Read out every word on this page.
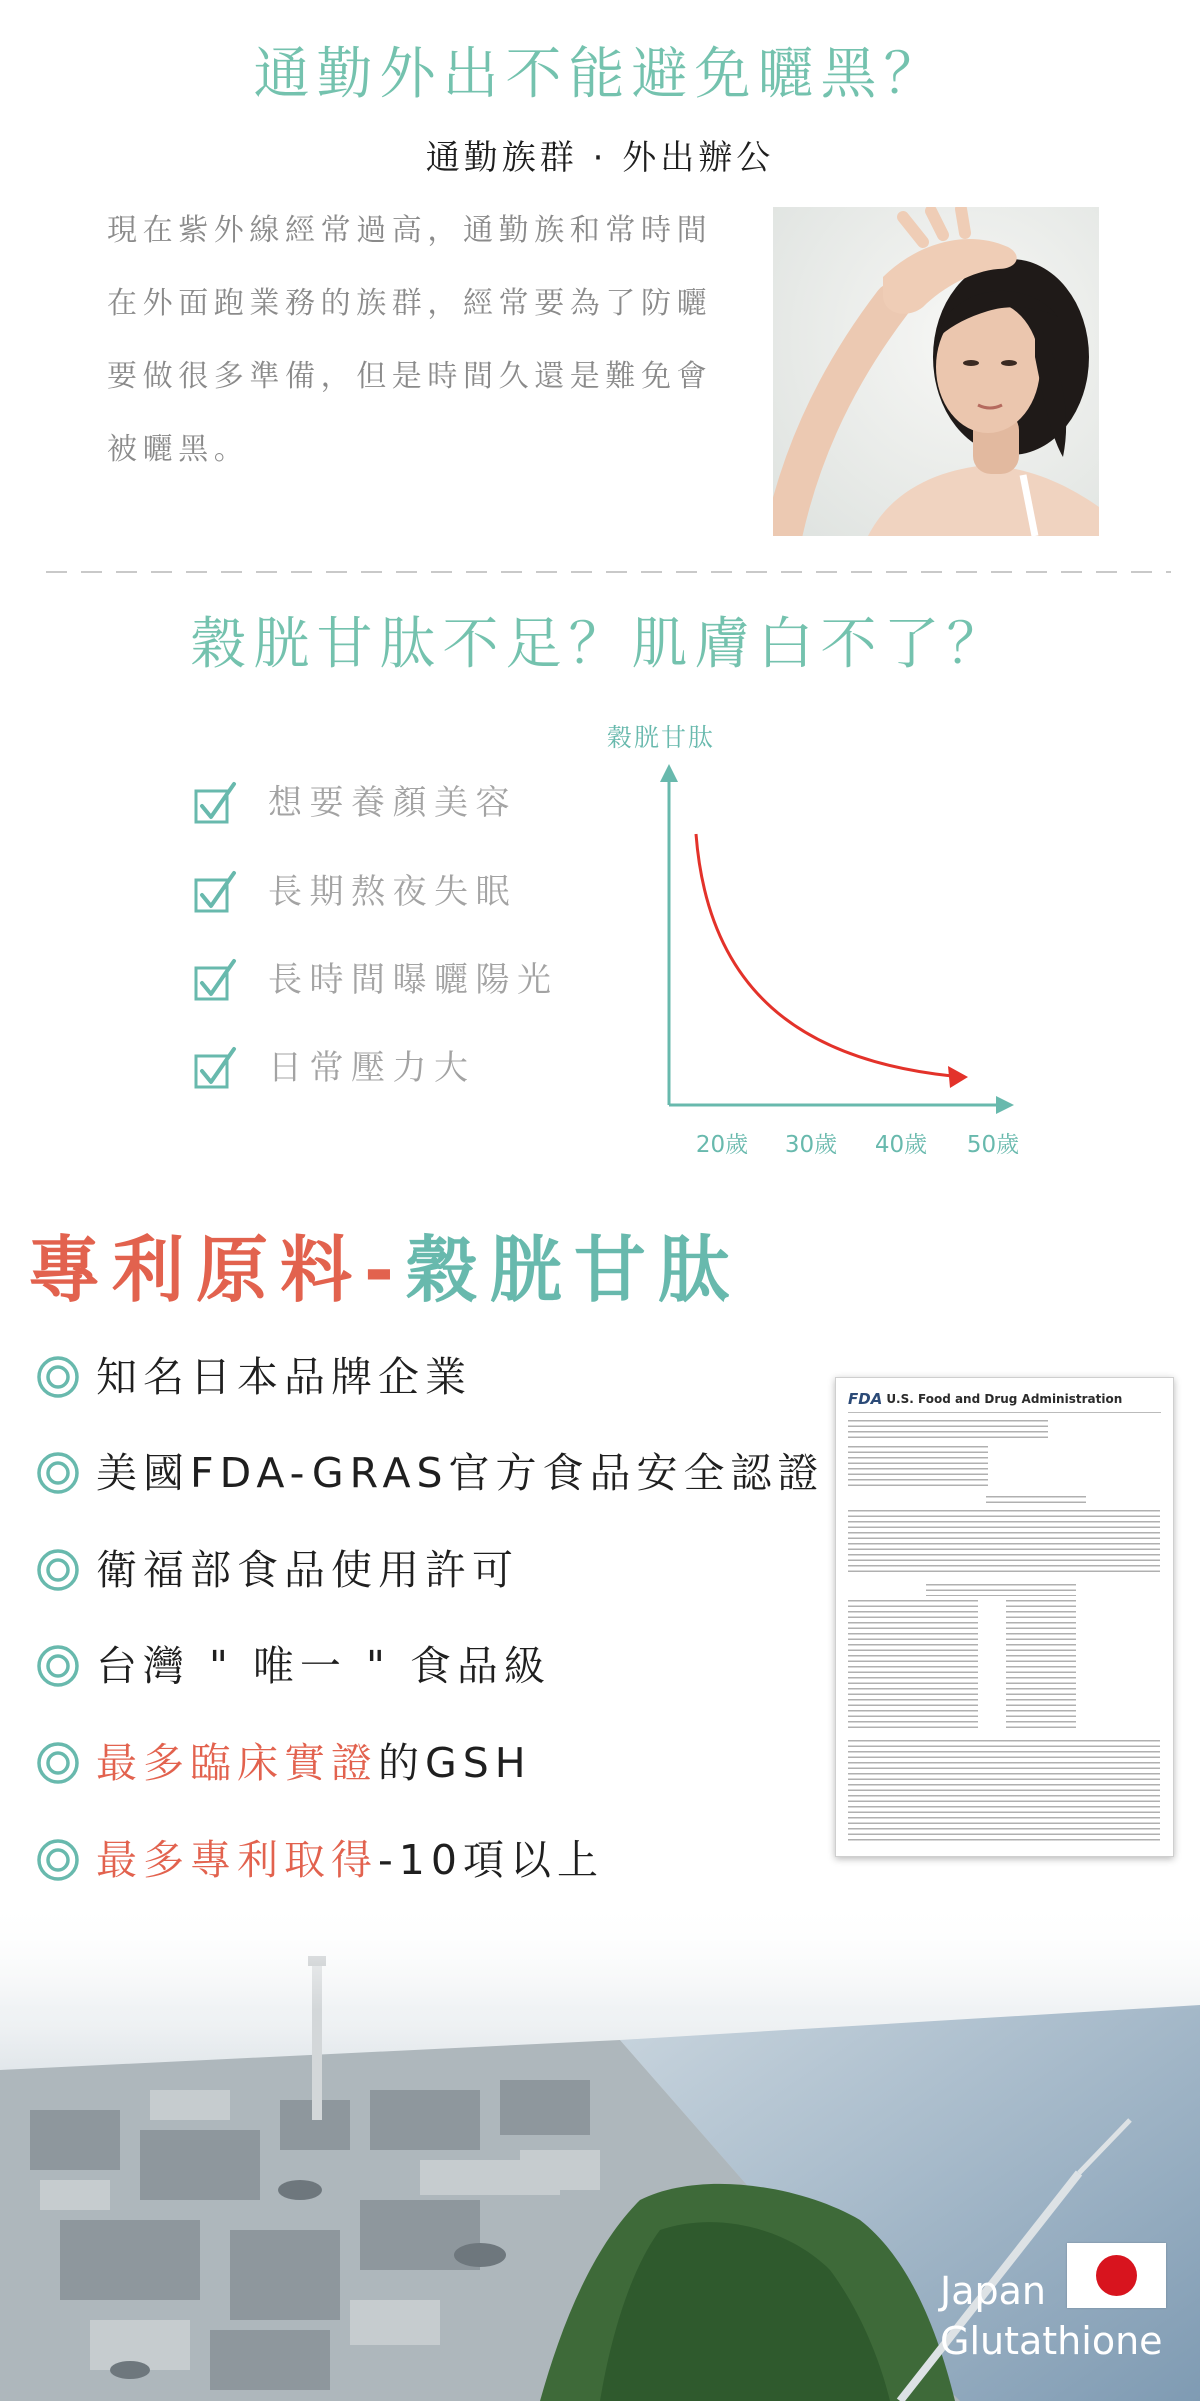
通勤外出不能避免曬黑？
通勤族群 · 外出辦公
現在紫外線經常過高，通勤族和常時間
在外面跑業務的族群，經常要為了防曬
要做很多準備，但是時間久還是難免會
被曬黑。
穀胱甘肽不足？肌膚白不了？
想要養顏美容
長期熬夜失眠
長時間曝曬陽光
日常壓力大
穀胱甘肽
20歲 30歲 40歲 50歲
專利原料-穀胱甘肽
知名日本品牌企業
美國FDA-GRAS官方食品安全認證
衛福部食品使用許可
台灣 " 唯一 " 食品級
最多臨床實證的GSH
最多專利取得-10項以上
FDA U.S. Food and Drug Administration
Japan
Glutathione
